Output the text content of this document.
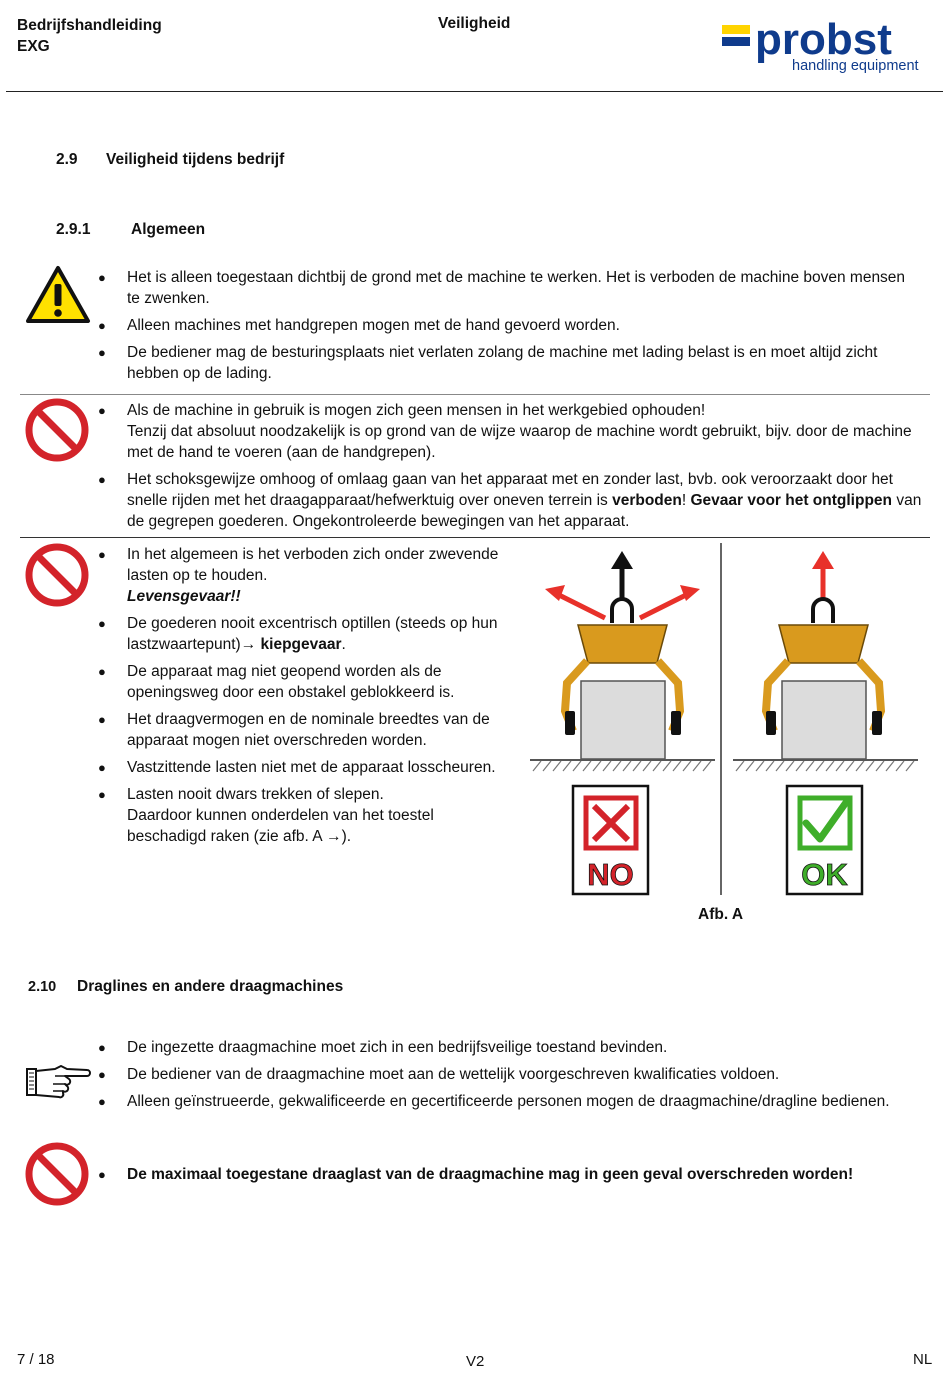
Bedrijfshandleiding
EXG
Veiligheid	probst
handling equipment
2.9 Veiligheid tijdens bedrijf
2.9.1	Algemeen
● Het is alleen toegestaan dichtbij de grond met de machine te werken. Het is verboden de machine boven mensen te zwenken.
● Alleen machines met handgrepen mogen met de hand gevoerd worden.
● De bediener mag de besturingsplaats niet verlaten zolang de machine met lading belast is en moet altijd zicht hebben op de lading.
● Als de machine in gebruik is mogen zich geen mensen in het werkgebied ophouden!
Tenzij dat absoluut noodzakelijk is op grond van de wijze waarop de machine wordt gebruikt, bijv. door de machine met de hand te voeren (aan de handgrepen).
● Het schoksgewijze omhoog of omlaag gaan van het apparaat met en zonder last, bvb. ook veroorzaakt door het snelle rijden met het draagapparaat/hefwerktuig over oneven terrein is verboden! Gevaar voor het ontglippen van de gegrepen goederen. Ongekontroleerde bewegingen van het apparaat.
● In het algemeen is het verboden zich onder zwevende lasten op te houden.
Levensgevaar!!
● De goederen nooit excentrisch optillen (steeds op hun lastzwaartepunt)→ kiepgevaar.
● De apparaat mag niet geopend worden als de openingsweg door een obstakel geblokkeerd is.
● Het draagvermogen en de nominale breedtes van de apparaat mogen niet overschreden worden.
● Vastzittende lasten niet met de apparaat losscheuren.
● Lasten nooit dwars trekken of slepen.
Daardoor kunnen onderdelen van het toestel beschadigd raken (zie afb. A →).
NO	OK
Afb. A
2.10 Draglines en andere draagmachines
● De ingezette draagmachine moet zich in een bedrijfsveilige toestand bevinden.
● De bediener van de draagmachine moet aan de wettelijk voorgeschreven kwalificaties voldoen.
● Alleen geïnstrueerde, gekwalificeerde en gecertificeerde personen mogen de draagmachine/dragline bedienen.
● De maximaal toegestane draaglast van de draagmachine mag in geen geval overschreden worden!
7 / 18	V2	NL
